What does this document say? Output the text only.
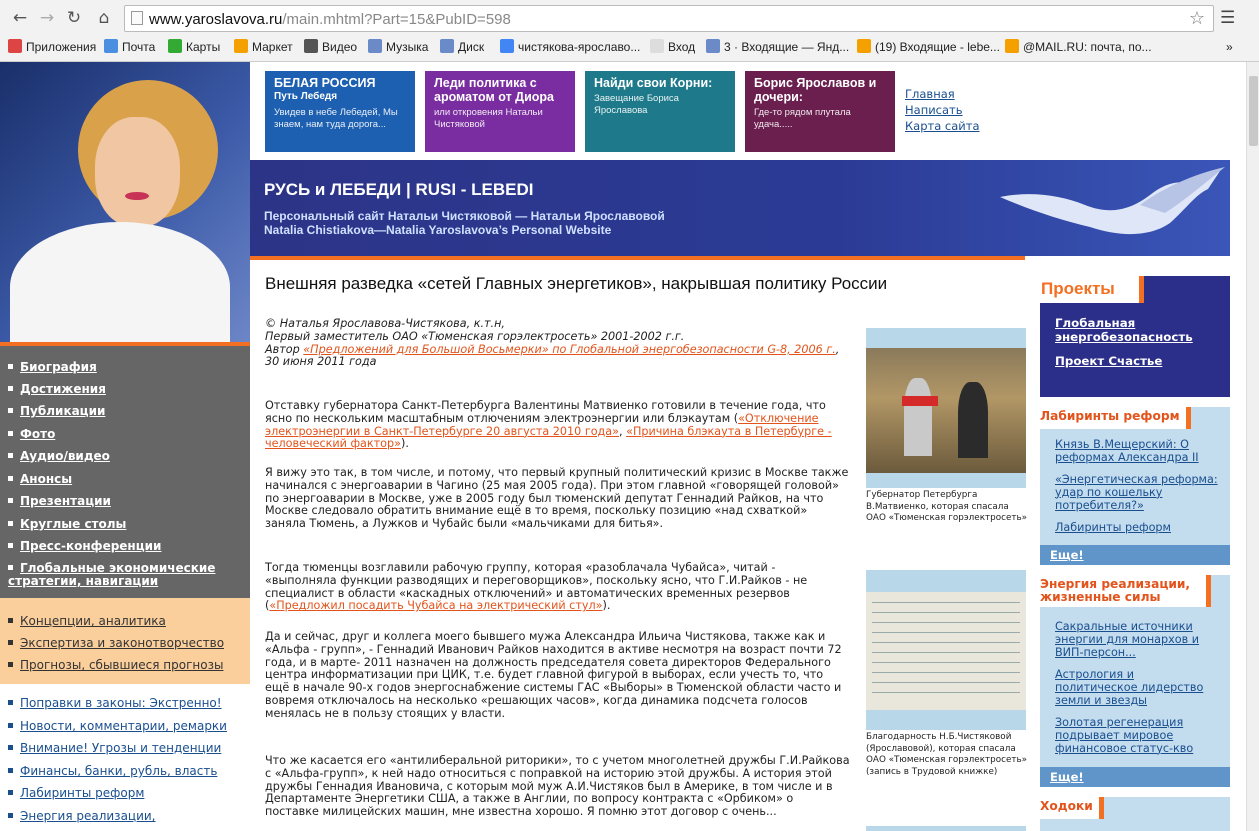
← → ↻	⌂	www.yaroslavova.ru/main.mhtml?Part=15&PubID=598	☆ ☰
Приложения	Почта	Карты	Маркет	Видео	Музыка	Диск	чистякова-ярославо...	Вход	3 · Входящие — Янд...	(19) Входящие - lebe...	@MAIL.RU: почта, по...	»
Биография
Достижения
Публикации
Фото
Аудио/видео
Анонсы
Презентации
Круглые столы
Пресс-конференции
Глобальные экономические стратегии, навигации
Концепции, аналитика
Экспертиза и законотворчество
Прогнозы, сбывшиеся прогнозы
Поправки в законы: Экстренно!
Новости, комментарии, ремарки
Внимание! Угрозы и тенденции
Финансы, банки, рубль, власть
Лабиринты реформ
Энергия реализации,
БЕЛАЯ РОССИЯ
Путь Лебедя
Увидев в небе Лебедей, Мы знаем, нам туда дорога...
Леди политика с ароматом от Диора
или откровения Натальи Чистяковой
Найди свои Корни:
Завещание Бориса Ярославова
Борис Ярославов и дочери:
Где-то рядом плутала удача.....
Главная
Написать
Карта сайта
РУСЬ и ЛЕБЕДИ | RUSI - LEBEDI
Персональный сайт Натальи Чистяковой — Натальи Ярославовой
Natalia Chistiakova—Natalia Yaroslavova’s Personal Website
Внешняя разведка «сетей Главных энергетиков», накрывшая политику России
© Наталья Ярославова-Чистякова, к.т.н,
Первый заместитель ОАО «Тюменская горэлектросеть» 2001-2002 г.г.
Автор «Предложений для Большой Восьмерки» по Глобальной энергобезопасности G-8, 2006 г.,
30 июня 2011 года
Отставку губернатора Санкт-Петербурга Валентины Матвиенко готовили в течение года, что ясно по нескольким масштабным отлючениям электроэнергии или блэкаутам («Отключение электроэнергии в Санкт-Петербурге 20 августа 2010 года», «Причина блэкаута в Петербурге - человеческий фактор»).
Я вижу это так, в том числе, и потому, что первый крупный политический кризис в Москве также начинался с энергоаварии в Чагино (25 мая 2005 года). При этом главной «говорящей головой» по энергоаварии в Москве, уже в 2005 году был тюменский депутат Геннадий Райков, на что Москве следовало обратить внимание ещё в то время, поскольку позицию «над схваткой» заняла Тюмень, а Лужков и Чубайс были «мальчиками для битья».
Тогда тюменцы возглавили рабочую группу, которая «разоблачала Чубайса», читай - «выполняла функции разводящих и переговорщиков», поскольку ясно, что Г.И.Райков - не специалист в области «каскадных отключений» и автоматических временных резервов («Предложил посадить Чубайса на электрический стул»).
Да и сейчас, друг и коллега моего бывшего мужа Александра Ильича Чистякова, также как и «Альфа - групп», - Геннадий Иванович Райков находится в активе несмотря на возраст почти 72 года, и в марте- 2011 назначен на должность председателя совета директоров Федерального центра информатизации при ЦИК, т.е. будет главной фигурой в выборах, если учесть то, что ещё в начале 90-х годов энергоснабжение системы ГАС «Выборы» в Тюменской области часто и вовремя отключалось на несколько «решающих часов», когда динамика подсчета голосов менялась не в пользу стоящих у власти.
Что же касается его «антилиберальной риторики», то с учетом многолетней дружбы Г.И.Райкова с «Альфа-групп», к ней надо относиться с поправкой на историю этой дружбы. А история этой дружбы Геннадия Ивановича, с которым мой муж А.И.Чистяков был в Америке, в том числе и в Департаменте Энергетики США, а также в Англии, по вопросу контракта с «Орбиком» о поставке милицейских машин, мне известна хорошо. Я помню этот договор с очень...
Губернатор Петербурга В.Матвиенко, которая спасала ОАО «Тюменская горэлектросеть»
Благодарность Н.Б.Чистяковой (Ярославовой), которая спасала ОАО «Тюменская горэлектросеть» (запись в Трудовой книжке)
Проекты
Глобальная энергобезопасность
Проект Счастье
Лабиринты реформ
Князь В.Мещерский: О реформах Александра II
«Энергетическая реформа: удар по кошельку потребителя?»
Лабиринты реформ
Еще!
Энергия реализации, жизненные силы
Сакральные источники энергии для монархов и ВИП-персон...
Астрология и политическое лидерство земли и звезды
Золотая регенерация подрывает мировое финансовое статус-кво
Еще!
Ходоки
